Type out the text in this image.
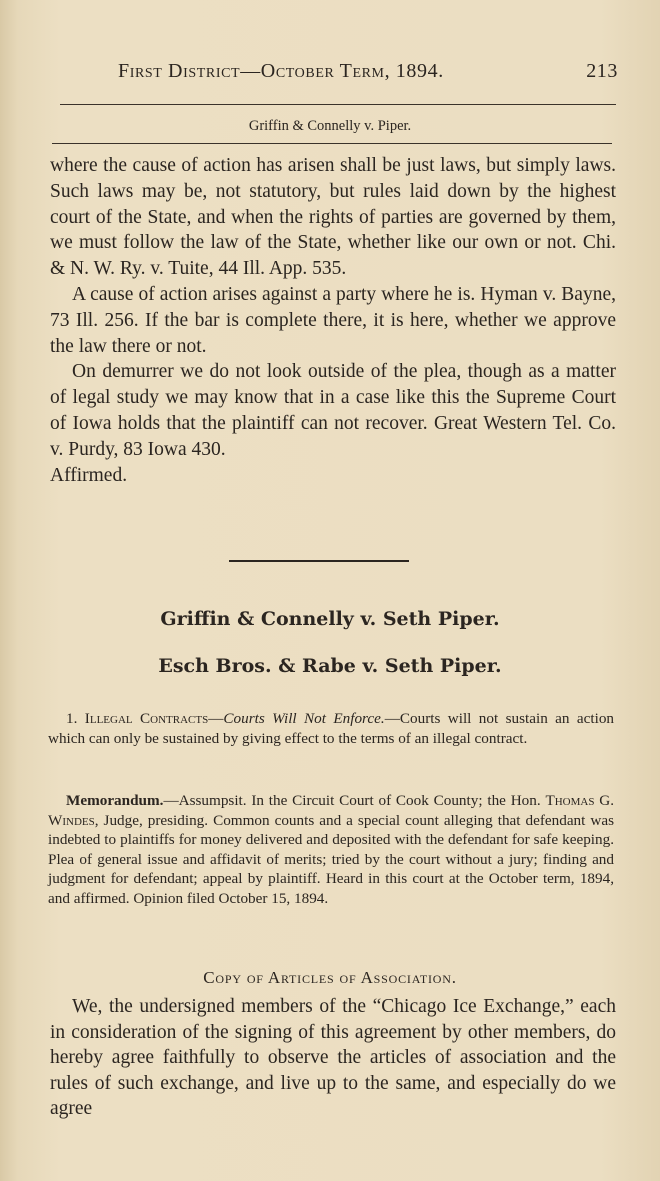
First District—October Term, 1894.	213
Griffin & Connelly v. Piper.

where the cause of action has arisen shall be just laws, but simply laws. Such laws may be, not statutory, but rules laid down by the highest court of the State, and when the rights of parties are governed by them, we must follow the law of the State, whether like our own or not. Chi. & N. W. Ry. v. Tuite, 44 Ill. App. 535.

A cause of action arises against a party where he is. Hyman v. Bayne, 73 Ill. 256. If the bar is complete there, it is here, whether we approve the law there or not.

On demurrer we do not look outside of the plea, though as a matter of legal study we may know that in a case like this the Supreme Court of Iowa holds that the plaintiff can not recover. Great Western Tel. Co. v. Purdy, 83 Iowa 430.

Affirmed.

Griffin & Connelly v. Seth Piper.
Esch Bros. & Rabe v. Seth Piper.

1. Illegal Contracts—Courts Will Not Enforce.—Courts will not sustain an action which can only be sustained by giving effect to the terms of an illegal contract.

Memorandum.—Assumpsit. In the Circuit Court of Cook County; the Hon. Thomas G. Windes, Judge, presiding. Common counts and a special count alleging that defendant was indebted to plaintiffs for money delivered and deposited with the defendant for safe keeping. Plea of general issue and affidavit of merits; tried by the court without a jury; finding and judgment for defendant; appeal by plaintiff. Heard in this court at the October term, 1894, and affirmed. Opinion filed October 15, 1894.

Copy of Articles of Association.

We, the undersigned members of the “Chicago Ice Exchange,” each in consideration of the signing of this agreement by other members, do hereby agree faithfully to observe the articles of association and the rules of such exchange, and live up to the same, and especially do we agree
